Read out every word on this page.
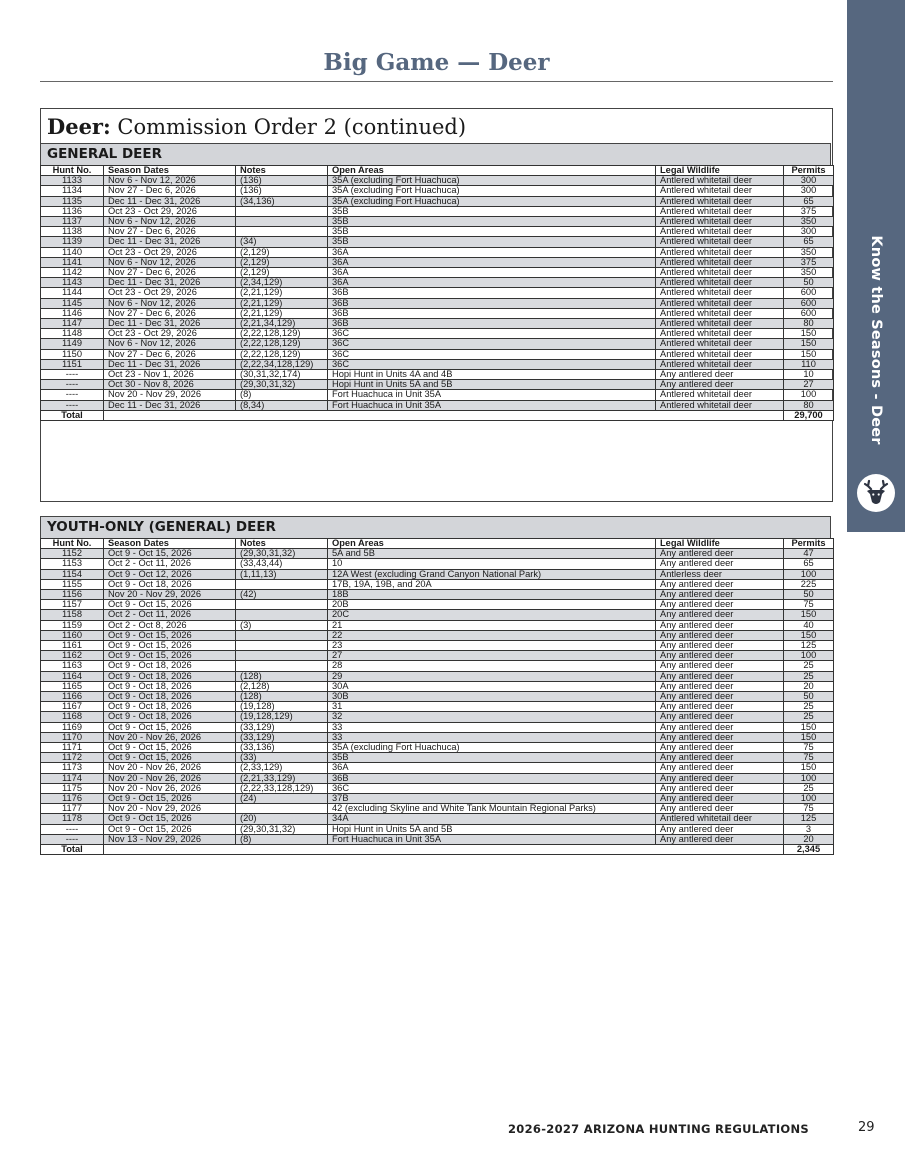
Know the Seasons - Deer
Big Game — Deer
Deer: Commission Order 2 (continued)
GENERAL DEER
Hunt No.	Season Dates	Notes	Open Areas	Legal Wildlife	Permits
1133	Nov 6 - Nov 12, 2026	(136)	35A (excluding Fort Huachuca)	Antlered whitetail deer	300
1134	Nov 27 - Dec 6, 2026	(136)	35A (excluding Fort Huachuca)	Antlered whitetail deer	300
1135	Dec 11 - Dec 31, 2026	(34,136)	35A (excluding Fort Huachuca)	Antlered whitetail deer	65
1136	Oct 23 - Oct 29, 2026		35B	Antlered whitetail deer	375
1137	Nov 6 - Nov 12, 2026		35B	Antlered whitetail deer	350
1138	Nov 27 - Dec 6, 2026		35B	Antlered whitetail deer	300
1139	Dec 11 - Dec 31, 2026	(34)	35B	Antlered whitetail deer	65
1140	Oct 23 - Oct 29, 2026	(2,129)	36A	Antlered whitetail deer	350
1141	Nov 6 - Nov 12, 2026	(2,129)	36A	Antlered whitetail deer	375
1142	Nov 27 - Dec 6, 2026	(2,129)	36A	Antlered whitetail deer	350
1143	Dec 11 - Dec 31, 2026	(2,34,129)	36A	Antlered whitetail deer	50
1144	Oct 23 - Oct 29, 2026	(2,21,129)	36B	Antlered whitetail deer	600
1145	Nov 6 - Nov 12, 2026	(2,21,129)	36B	Antlered whitetail deer	600
1146	Nov 27 - Dec 6, 2026	(2,21,129)	36B	Antlered whitetail deer	600
1147	Dec 11 - Dec 31, 2026	(2,21,34,129)	36B	Antlered whitetail deer	80
1148	Oct 23 - Oct 29, 2026	(2,22,128,129)	36C	Antlered whitetail deer	150
1149	Nov 6 - Nov 12, 2026	(2,22,128,129)	36C	Antlered whitetail deer	150
1150	Nov 27 - Dec 6, 2026	(2,22,128,129)	36C	Antlered whitetail deer	150
1151	Dec 11 - Dec 31, 2026	(2,22,34,128,129)	36C	Antlered whitetail deer	110
----	Oct 23 - Nov 1, 2026	(30,31,32,174)	Hopi Hunt in Units 4A and 4B	Any antlered deer	10
----	Oct 30 - Nov 8, 2026	(29,30,31,32)	Hopi Hunt in Units 5A and 5B	Any antlered deer	27
----	Nov 20 - Nov 29, 2026	(8)	Fort Huachuca in Unit 35A	Antlered whitetail deer	100
----	Dec 11 - Dec 31, 2026	(8,34)	Fort Huachuca in Unit 35A	Antlered whitetail deer	80
Total					29,700
YOUTH-ONLY (GENERAL) DEER
Hunt No.	Season Dates	Notes	Open Areas	Legal Wildlife	Permits
1152	Oct 9 - Oct 15, 2026	(29,30,31,32)	5A and 5B	Any antlered deer	47
1153	Oct 2 - Oct 11, 2026	(33,43,44)	10	Any antlered deer	65
1154	Oct 9 - Oct 12, 2026	(1,11,13)	12A West (excluding Grand Canyon National Park)	Antlerless deer	100
1155	Oct 9 - Oct 18, 2026		17B, 19A, 19B, and 20A	Any antlered deer	225
1156	Nov 20 - Nov 29, 2026	(42)	18B	Any antlered deer	50
1157	Oct 9 - Oct 15, 2026		20B	Any antlered deer	75
1158	Oct 2 - Oct 11, 2026		20C	Any antlered deer	150
1159	Oct 2 - Oct 8, 2026	(3)	21	Any antlered deer	40
1160	Oct 9 - Oct 15, 2026		22	Any antlered deer	150
1161	Oct 9 - Oct 15, 2026		23	Any antlered deer	125
1162	Oct 9 - Oct 15, 2026		27	Any antlered deer	100
1163	Oct 9 - Oct 18, 2026		28	Any antlered deer	25
1164	Oct 9 - Oct 18, 2026	(128)	29	Any antlered deer	25
1165	Oct 9 - Oct 18, 2026	(2,128)	30A	Any antlered deer	20
1166	Oct 9 - Oct 18, 2026	(128)	30B	Any antlered deer	50
1167	Oct 9 - Oct 18, 2026	(19,128)	31	Any antlered deer	25
1168	Oct 9 - Oct 18, 2026	(19,128,129)	32	Any antlered deer	25
1169	Oct 9 - Oct 15, 2026	(33,129)	33	Any antlered deer	150
1170	Nov 20 - Nov 26, 2026	(33,129)	33	Any antlered deer	150
1171	Oct 9 - Oct 15, 2026	(33,136)	35A (excluding Fort Huachuca)	Any antlered deer	75
1172	Oct 9 - Oct 15, 2026	(33)	35B	Any antlered deer	75
1173	Nov 20 - Nov 26, 2026	(2,33,129)	36A	Any antlered deer	150
1174	Nov 20 - Nov 26, 2026	(2,21,33,129)	36B	Any antlered deer	100
1175	Nov 20 - Nov 26, 2026	(2,22,33,128,129)	36C	Any antlered deer	25
1176	Oct 9 - Oct 15, 2026	(24)	37B	Any antlered deer	100
1177	Nov 20 - Nov 29, 2026		42 (excluding Skyline and White Tank Mountain Regional Parks)	Any antlered deer	75
1178	Oct 9 - Oct 15, 2026	(20)	34A	Antlered whitetail deer	125
----	Oct 9 - Oct 15, 2026	(29,30,31,32)	Hopi Hunt in Units 5A and 5B	Any antlered deer	3
----	Nov 13 - Nov 29, 2026	(8)	Fort Huachuca in Unit 35A	Any antlered deer	20
Total					2,345
2026-2027 ARIZONA HUNTING REGULATIONS	29
